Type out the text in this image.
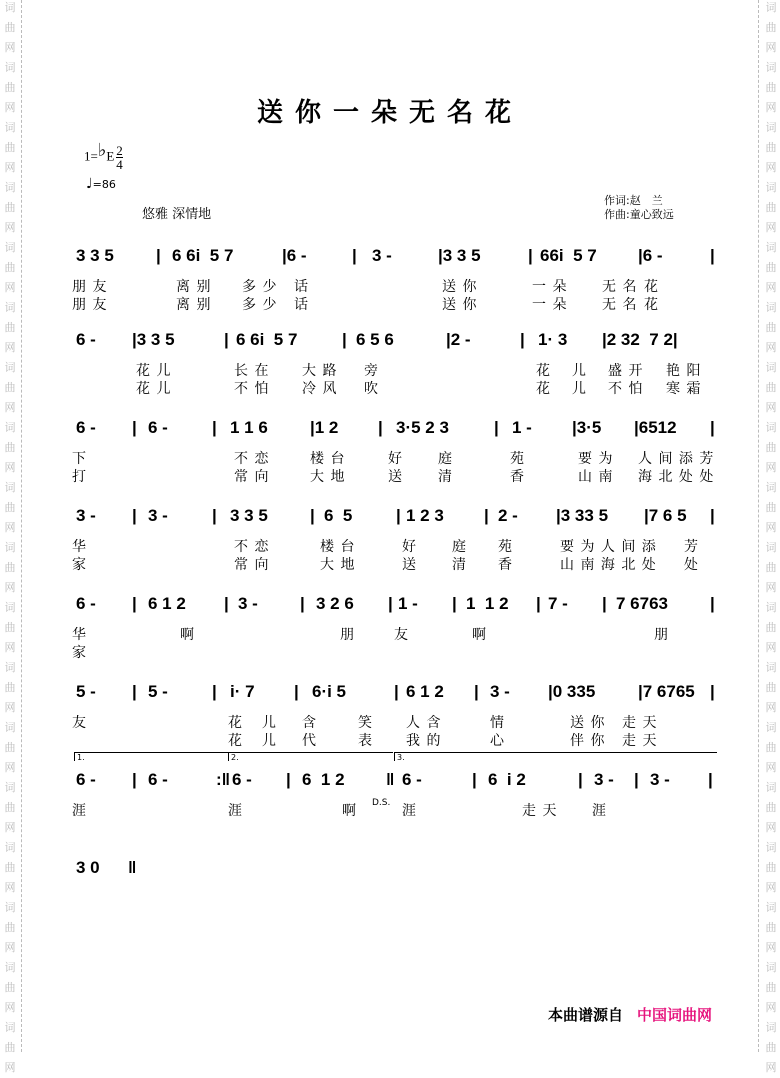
词
曲
网
词
曲
网
词
曲
网
词
曲
网
词
曲
网
词
曲
网
词
曲
网
词
曲
网
词
曲
网
词
曲
网
词
曲
网
词
曲
网
词
曲
网
词
曲
网
词
曲
网
词
曲
网
词
曲
网
词
曲
网
词
曲
网
词
曲
网
词
曲
网
词
曲
网
词
曲
网
词
曲
网
词
曲
网
词
曲
网
词
曲
网
词
曲
网
词
曲
网
词
曲
网
词
曲
网
词
曲
网
词
曲
网
词
曲
网
词
曲
网
词
曲
网
送你一朵无名花
1=♭E $\frac{2}{4}$
♩=86
悠雅 深情地
作词:赵　兰
作曲:童心致远
3 3 5 | 6 6i  5 7	|6 -	| 3 -	|3 3 5	| 66i  5 7 |6 -	|
朋 友	离 别 多 少 话	送 你	一 朵 无 名 花
朋 友	离 别 多 少 话	送 你	一 朵 无 名 花
6 - |3 3 5	| 6 6i  5 7	| 6 5 6	|2 -	| 1· 3 |2 32  7 2|
花 儿	长 在 大 路 旁	花 儿 盛 开 艳 阳
花 儿	不 怕 冷 风 吹	花 儿 不 怕 寒 霜
6 - | 6 -	| 1 1 6 |1 2 | 3·5 2 3	| 1 - |3·5 |6512 |
下	不 恋	楼 台	好	庭	苑	要 为 人 间 添 芳
打	常 向	大 地	送	清	香	山 南 海 北 处 处
3 - | 3 -	| 3 3 5 | 6  5	| 1 2 3 | 2 - |3 33 5 |7 6 5 |
华	不 恋	楼 台	好	庭 苑	要 为 人 间 添 芳
家	常 向	大 地	送	清 香	山 南 海 北 处 处
6 - | 6 1 2 | 3 - | 3 2 6 | 1 - | 1  1 2 | 7 - | 7 6763 |
华	啊	朋	友	啊	朋
家
5 - | 5 -	| i· 7 | 6·i 5	| 6 1 2 | 3 - |0 335	|7 6765 |
友	花 儿 含	笑 人 含	情	送 你 走 天
花 儿 代	表 我 的	心	伴 你 走 天
1.	2.	3.
6 - | 6 -	:‖ 6 - | 6  1 2 ‖ 6 -	| 6  i 2	| 3 - | 3 - |
D.S.
涯	涯	啊	涯	走 天 涯
3 0 ‖
本曲谱源自 中国词曲网
